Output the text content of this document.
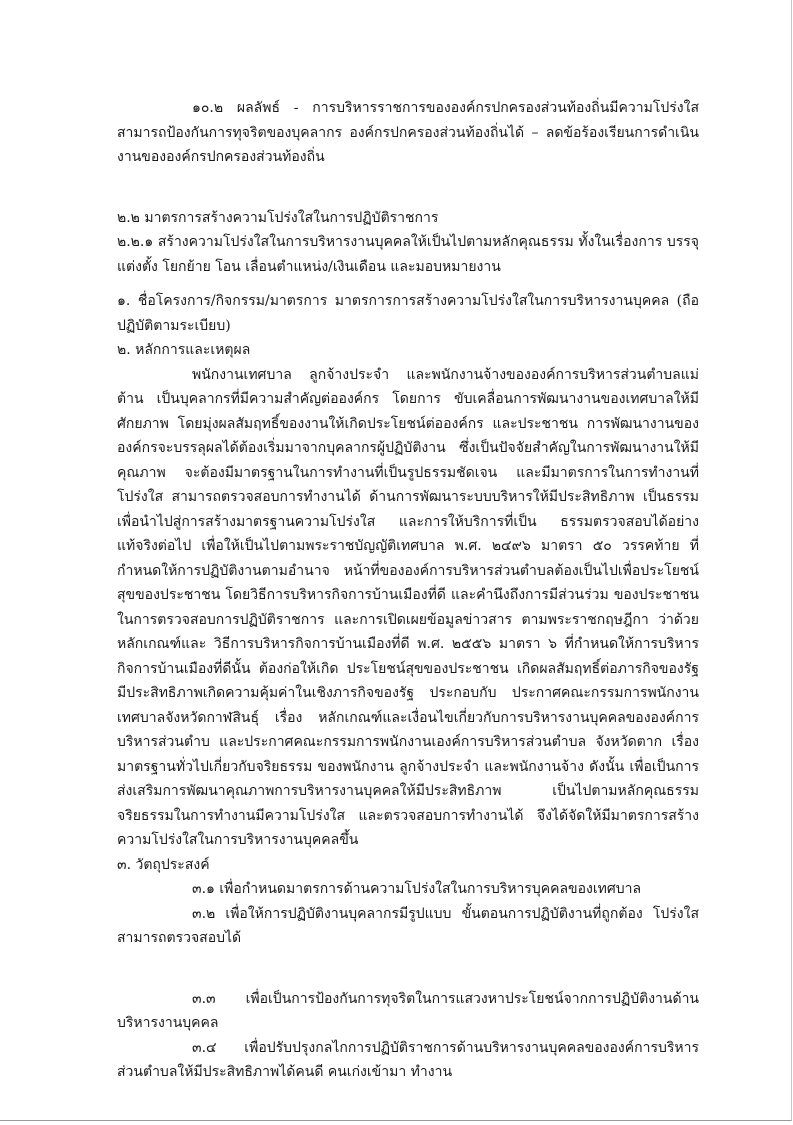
๑๐.๒ ผลลัพธ์ - การบริหารราชการขององค์กรปกครองส่วนท้องถิ่นมีความโปร่งใส สามารถป้องกันการทุจริตของบุคลากร องค์กรปกครองส่วนท้องถิ่นได้ – ลดข้อร้องเรียนการดำเนินงานขององค์กรปกครองส่วนท้องถิ่น

๒.๒ มาตรการสร้างความโปร่งใสในการปฏิบัติราชการ

๒.๒.๑ สร้างความโปร่งใสในการบริหารงานบุคคลให้เป็นไปตามหลักคุณธรรม ทั้งในเรื่องการ บรรจุแต่งตั้ง โยกย้าย โอน เลื่อนตำแหน่ง/เงินเดือน และมอบหมายงาน

๑. ชื่อโครงการ/กิจกรรม/มาตรการ มาตรการการสร้างความโปร่งใสในการบริหารงานบุคคล (ถือปฏิบัติตามระเบียบ)

๒. หลักการและเหตุผล

พนักงานเทศบาล ลูกจ้างประจำ และพนักงานจ้างขององค์การบริหารส่วนตำบลแม่ต้าน เป็นบุคลากรที่มีความสำคัญต่อองค์กร โดยการ ขับเคลื่อนการพัฒนางานของเทศบาลให้มีศักยภาพ โดยมุ่งผลสัมฤทธิ์ของงานให้เกิดประโยชน์ต่อองค์กร และประชาชน การพัฒนางานขององค์กรจะบรรลุผลได้ต้องเริ่มมาจากบุคลากรผู้ปฏิบัติงาน ซึ่งเป็นปัจจัยสำคัญในการพัฒนางานให้มีคุณภาพ จะต้องมีมาตรฐานในการทำงานที่เป็นรูปธรรมชัดเจน และมีมาตรการในการทำงานที่โปร่งใส สามารถตรวจสอบการทำงานได้ ด้านการพัฒนาระบบบริหารให้มีประสิทธิภาพ เป็นธรรม เพื่อนำไปสู่การสร้างมาตรฐานความโปร่งใส และการให้บริการที่เป็น ธรรมตรวจสอบได้อย่างแท้จริงต่อไป เพื่อให้เป็นไปตามพระราชบัญญัติเทศบาล พ.ศ. ๒๔๙๖ มาตรา ๕๐ วรรคท้าย ที่กำหนดให้การปฏิบัติงานตามอำนาจ หน้าที่ขององค์การบริหารส่วนตำบลต้องเป็นไปเพื่อประโยชน์สุขของประชาชน โดยวิธีการบริหารกิจการบ้านเมืองที่ดี และคำนึงถึงการมีส่วนร่วม ของประชาชนในการตรวจสอบการปฏิบัติราชการ และการเปิดเผยข้อมูลข่าวสาร ตามพระราชกฤษฎีกา ว่าด้วยหลักเกณฑ์และ วิธีการบริหารกิจการบ้านเมืองที่ดี พ.ศ. ๒๕๕๖ มาตรา ๖ ที่กำหนดให้การบริหารกิจการบ้านเมืองที่ดีนั้น ต้องก่อให้เกิด ประโยชน์สุขของประชาชน เกิดผลสัมฤทธิ์ต่อภารกิจของรัฐ มีประสิทธิภาพเกิดความคุ้มค่าในเชิงภารกิจของรัฐ ประกอบกับ ประกาศคณะกรรมการพนักงานเทศบาลจังหวัดกาฬสินธุ์ เรื่อง หลักเกณฑ์และเงื่อนไขเกี่ยวกับการบริหารงานบุคคลขององค์การบริหารส่วนตำบ และประกาศคณะกรรมการพนักงานเองค์การบริหารส่วนตำบล จังหวัดตาก เรื่อง มาตรฐานทั่วไปเกี่ยวกับจริยธรรม ของพนักงาน ลูกจ้างประจำ และพนักงานจ้าง ดังนั้น เพื่อเป็นการส่งเสริมการพัฒนาคุณภาพการบริหารงานบุคคลให้มีประสิทธิภาพ เป็นไปตามหลักคุณธรรม จริยธรรมในการทำงานมีความโปร่งใส และตรวจสอบการทำงานได้ จึงได้จัดให้มีมาตรการสร้างความโปร่งใสในการบริหารงานบุคคลขึ้น

๓. วัตถุประสงค์

๓.๑ เพื่อกำหนดมาตรการด้านความโปร่งใสในการบริหารบุคคลของเทศบาล

๓.๒ เพื่อให้การปฏิบัติงานบุคลากรมีรูปแบบ ขั้นตอนการปฏิบัติงานที่ถูกต้อง โปร่งใสสามารถตรวจสอบได้

๓.๓ เพื่อเป็นการป้องกันการทุจริตในการแสวงหาประโยชน์จากการปฏิบัติงานด้านบริหารงานบุคคล

๓.๔ เพื่อปรับปรุงกลไกการปฏิบัติราชการด้านบริหารงานบุคคลขององค์การบริหารส่วนตำบลให้มีประสิทธิภาพได้คนดี คนเก่งเข้ามา ทำงาน
